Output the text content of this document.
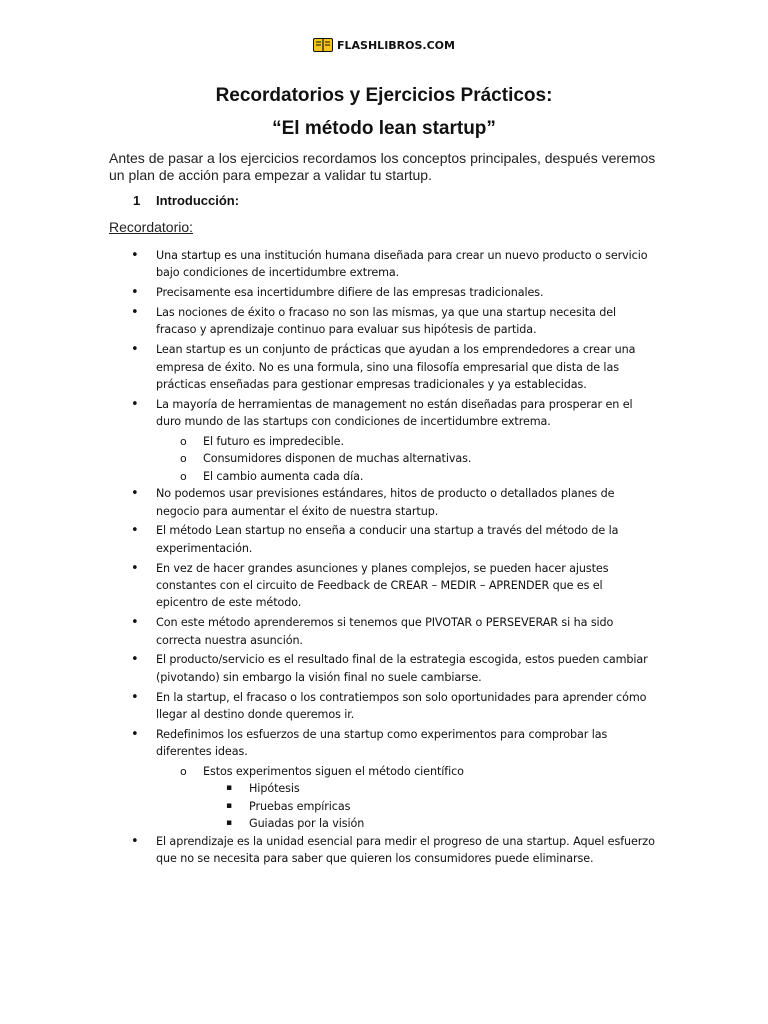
FLASHLIBROS.COM
Recordatorios y Ejercicios Prácticos:
“El método lean startup”
Antes de pasar a los ejercicios recordamos los conceptos principales, después veremos un plan de acción para empezar a validar tu startup.
1 Introducción:
Recordatorio:
• Una startup es una institución humana diseñada para crear un nuevo producto o servicio bajo condiciones de incertidumbre extrema.
• Precisamente esa incertidumbre difiere de las empresas tradicionales.
• Las nociones de éxito o fracaso no son las mismas, ya que una startup necesita del fracaso y aprendizaje continuo para evaluar sus hipótesis de partida.
• Lean startup es un conjunto de prácticas que ayudan a los emprendedores a crear una empresa de éxito. No es una formula, sino una filosofía empresarial que dista de las prácticas enseñadas para gestionar empresas tradicionales y ya establecidas.
• La mayoría de herramientas de management no están diseñadas para prosperar en el duro mundo de las startups con condiciones de incertidumbre extrema.
o El futuro es impredecible.
o Consumidores disponen de muchas alternativas.
o El cambio aumenta cada día.
• No podemos usar previsiones estándares, hitos de producto o detallados planes de negocio para aumentar el éxito de nuestra startup.
• El método Lean startup no enseña a conducir una startup a través del método de la experimentación.
• En vez de hacer grandes asunciones y planes complejos, se pueden hacer ajustes constantes con el circuito de Feedback de CREAR – MEDIR – APRENDER que es el epicentro de este método.
• Con este método aprenderemos si tenemos que PIVOTAR o PERSEVERAR si ha sido correcta nuestra asunción.
• El producto/servicio es el resultado final de la estrategia escogida, estos pueden cambiar (pivotando) sin embargo la visión final no suele cambiarse.
• En la startup, el fracaso o los contratiempos son solo oportunidades para aprender cómo llegar al destino donde queremos ir.
• Redefinimos los esfuerzos de una startup como experimentos para comprobar las diferentes ideas.
o Estos experimentos siguen el método científico
▪ Hipótesis
▪ Pruebas empíricas
▪ Guiadas por la visión
• El aprendizaje es la unidad esencial para medir el progreso de una startup. Aquel esfuerzo que no se necesita para saber que quieren los consumidores puede eliminarse.
